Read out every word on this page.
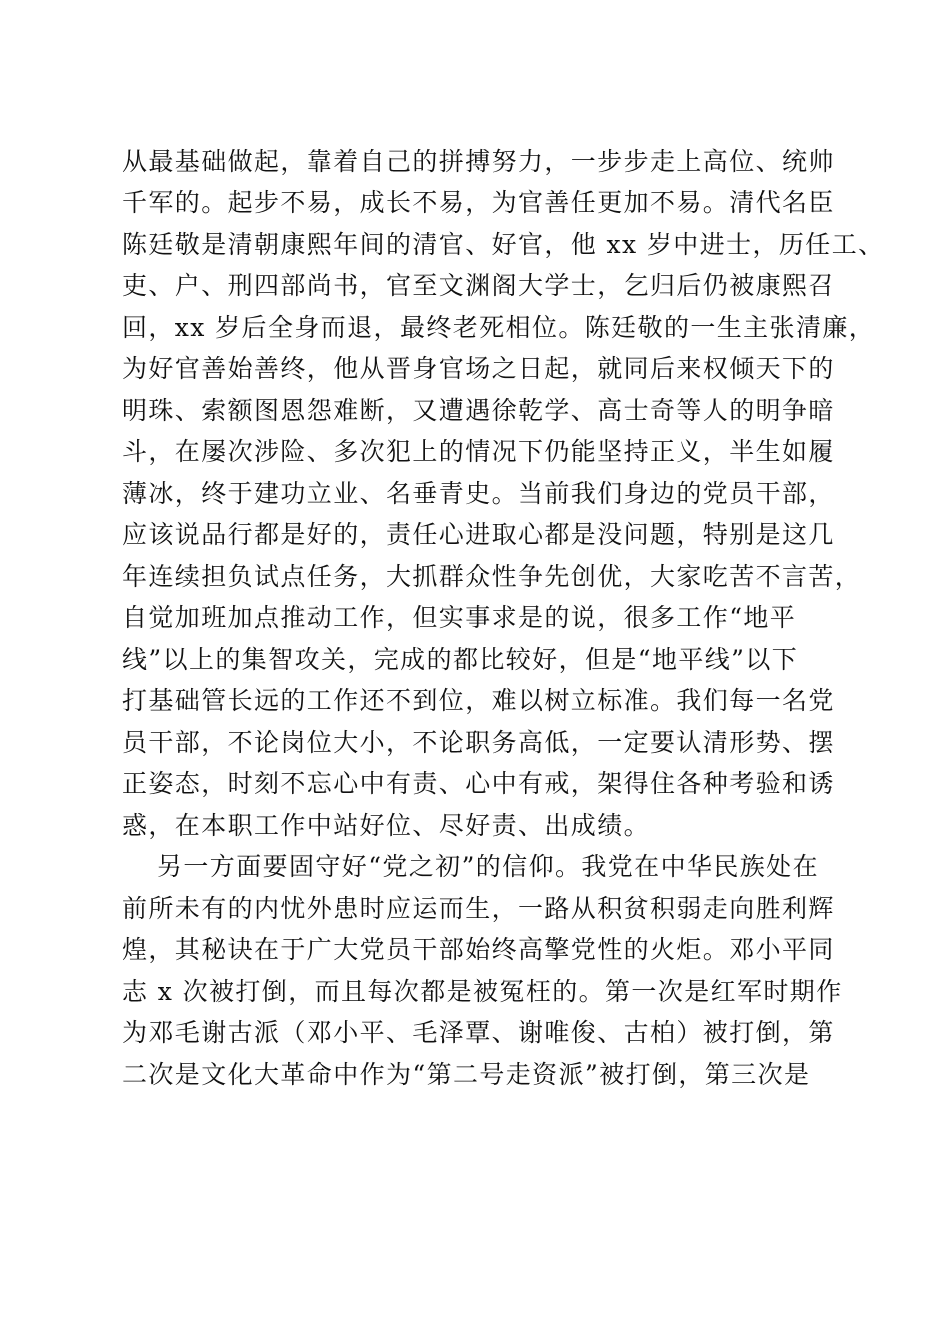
从最基础做起，靠着自己的拼搏努力，一步步走上高位、统帅
千军的。起步不易，成长不易，为官善任更加不易。清代名臣
陈廷敬是清朝康熙年间的清官、好官，他 xx 岁中进士，历任工、
吏、户、刑四部尚书，官至文渊阁大学士，乞归后仍被康熙召
回，xx 岁后全身而退，最终老死相位。陈廷敬的一生主张清廉，
为好官善始善终，他从晋身官场之日起，就同后来权倾天下的
明珠、索额图恩怨难断，又遭遇徐乾学、高士奇等人的明争暗
斗，在屡次涉险、多次犯上的情况下仍能坚持正义，半生如履
薄冰，终于建功立业、名垂青史。当前我们身边的党员干部，
应该说品行都是好的，责任心进取心都是没问题，特别是这几
年连续担负试点任务，大抓群众性争先创优，大家吃苦不言苦，
自觉加班加点推动工作，但实事求是的说，很多工作“地平
线”以上的集智攻关，完成的都比较好，但是“地平线”以下
打基础管长远的工作还不到位，难以树立标准。我们每一名党
员干部，不论岗位大小，不论职务高低，一定要认清形势、摆
正姿态，时刻不忘心中有责、心中有戒，架得住各种考验和诱
惑，在本职工作中站好位、尽好责、出成绩。
另一方面要固守好“党之初”的信仰。我党在中华民族处在
前所未有的内忧外患时应运而生，一路从积贫积弱走向胜利辉
煌，其秘诀在于广大党员干部始终高擎党性的火炬。邓小平同
志 x 次被打倒，而且每次都是被冤枉的。第一次是红军时期作
为邓毛谢古派（邓小平、毛泽覃、谢唯俊、古柏）被打倒，第
二次是文化大革命中作为“第二号走资派”被打倒，第三次是
